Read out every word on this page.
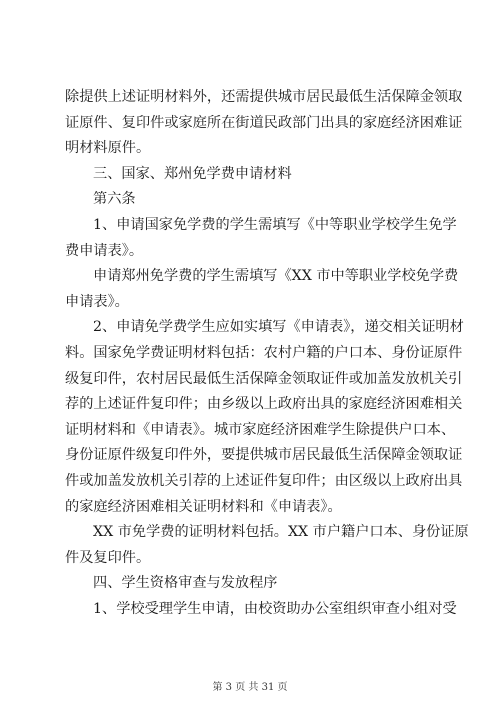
除提供上述证明材料外，还需提供城市居民最低生活保障金领取
证原件、复印件或家庭所在街道民政部门出具的家庭经济困难证
明材料原件。

三、国家、郑州免学费申请材料

第六条

1、申请国家免学费的学生需填写《中等职业学校学生免学
费申请表》。

申请郑州免学费的学生需填写《XX 市中等职业学校免学费
申请表》。

2、申请免学费学生应如实填写《申请表》，递交相关证明材
料。国家免学费证明材料包括：农村户籍的户口本、身份证原件
级复印件，农村居民最低生活保障金领取证件或加盖发放机关引
荐的上述证件复印件；由乡级以上政府出具的家庭经济困难相关
证明材料和《申请表》。城市家庭经济困难学生除提供户口本、
身份证原件级复印件外，要提供城市居民最低生活保障金领取证
件或加盖发放机关引荐的上述证件复印件；由区级以上政府出具
的家庭经济困难相关证明材料和《申请表》。

XX 市免学费的证明材料包括。XX 市户籍户口本、身份证原
件及复印件。

四、学生资格审查与发放程序

1、学校受理学生申请，由校资助办公室组织审查小组对受

第 3 页 共 31 页
